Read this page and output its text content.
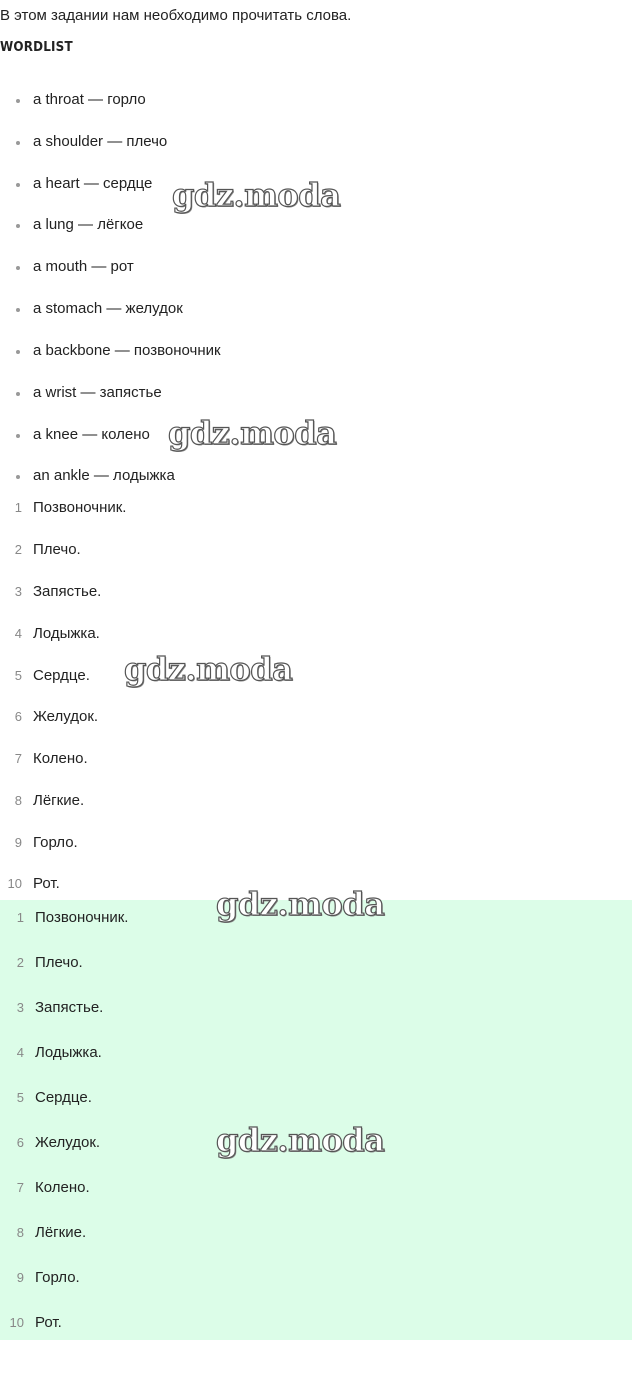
В этом задании нам необходимо прочитать слова.
WORDLIST
a throat — горло
a shoulder — плечо
a heart — сердце
a lung — лёгкое
a mouth — рот
a stomach — желудок
a backbone — позвоночник
a wrist — запястье
a knee — колено
an ankle — лодыжка
1 Позвоночник.
2 Плечо.
3 Запястье.
4 Лодыжка.
5 Сердце.
6 Желудок.
7 Колено.
8 Лёгкие.
9 Горло.
10 Рот.
1 Позвоночник.
2 Плечо.
3 Запястье.
4 Лодыжка.
5 Сердце.
6 Желудок.
7 Колено.
8 Лёгкие.
9 Горло.
10 Рот.
gdz.moda
gdz.moda
gdz.moda
gdz.moda
gdz.moda
